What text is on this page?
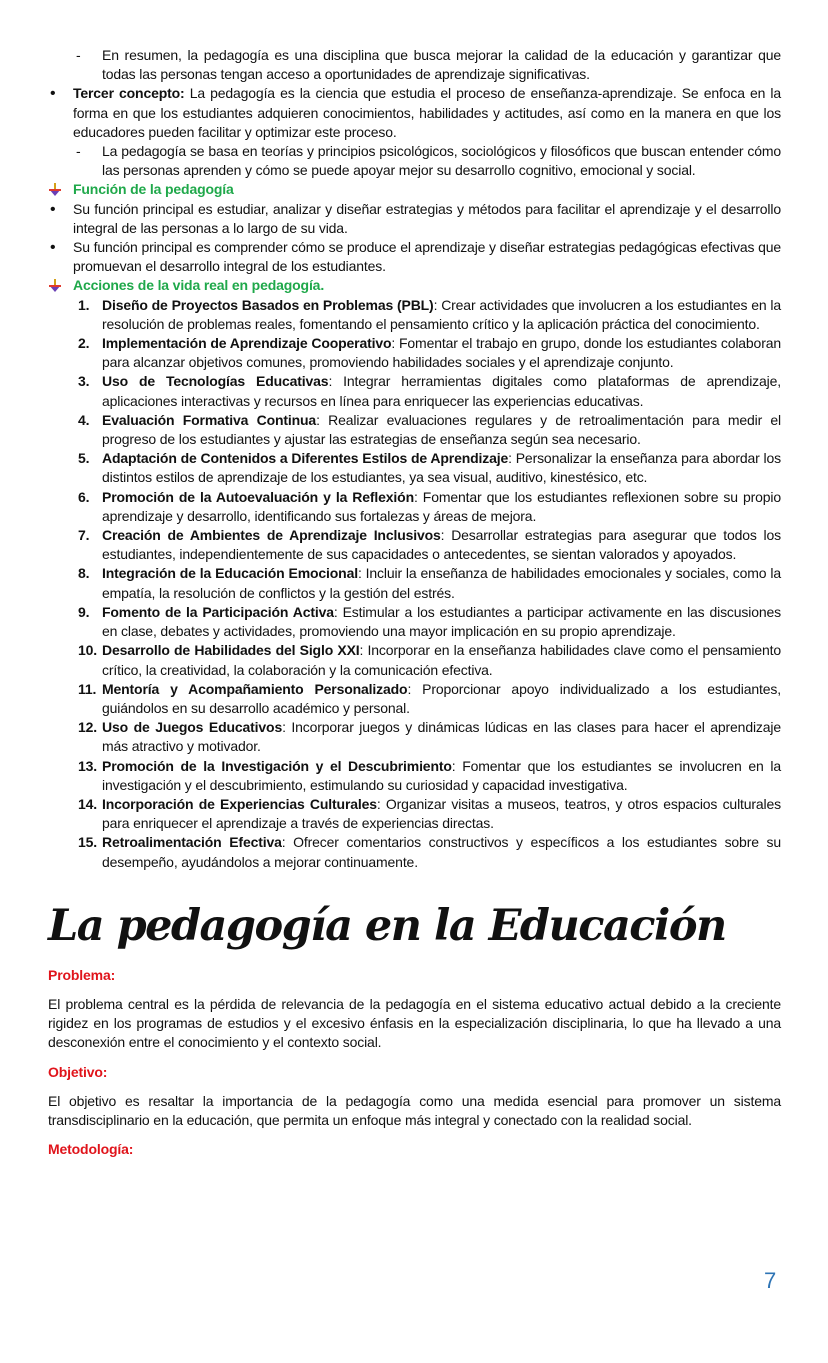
- En resumen, la pedagogía es una disciplina que busca mejorar la calidad de la educación y garantizar que todas las personas tengan acceso a oportunidades de aprendizaje significativas.
• Tercer concepto: La pedagogía es la ciencia que estudia el proceso de enseñanza-aprendizaje. Se enfoca en la forma en que los estudiantes adquieren conocimientos, habilidades y actitudes, así como en la manera en que los educadores pueden facilitar y optimizar este proceso.
- La pedagogía se basa en teorías y principios psicológicos, sociológicos y filosóficos que buscan entender cómo las personas aprenden y cómo se puede apoyar mejor su desarrollo cognitivo, emocional y social.
Función de la pedagogía
• Su función principal es estudiar, analizar y diseñar estrategias y métodos para facilitar el aprendizaje y el desarrollo integral de las personas a lo largo de su vida.
• Su función principal es comprender cómo se produce el aprendizaje y diseñar estrategias pedagógicas efectivas que promuevan el desarrollo integral de los estudiantes.
Acciones de la vida real en pedagogía.
1. Diseño de Proyectos Basados en Problemas (PBL): Crear actividades que involucren a los estudiantes en la resolución de problemas reales, fomentando el pensamiento crítico y la aplicación práctica del conocimiento.
2. Implementación de Aprendizaje Cooperativo: Fomentar el trabajo en grupo, donde los estudiantes colaboran para alcanzar objetivos comunes, promoviendo habilidades sociales y el aprendizaje conjunto.
3. Uso de Tecnologías Educativas: Integrar herramientas digitales como plataformas de aprendizaje, aplicaciones interactivas y recursos en línea para enriquecer las experiencias educativas.
4. Evaluación Formativa Continua: Realizar evaluaciones regulares y de retroalimentación para medir el progreso de los estudiantes y ajustar las estrategias de enseñanza según sea necesario.
5. Adaptación de Contenidos a Diferentes Estilos de Aprendizaje: Personalizar la enseñanza para abordar los distintos estilos de aprendizaje de los estudiantes, ya sea visual, auditivo, kinestésico, etc.
6. Promoción de la Autoevaluación y la Reflexión: Fomentar que los estudiantes reflexionen sobre su propio aprendizaje y desarrollo, identificando sus fortalezas y áreas de mejora.
7. Creación de Ambientes de Aprendizaje Inclusivos: Desarrollar estrategias para asegurar que todos los estudiantes, independientemente de sus capacidades o antecedentes, se sientan valorados y apoyados.
8. Integración de la Educación Emocional: Incluir la enseñanza de habilidades emocionales y sociales, como la empatía, la resolución de conflictos y la gestión del estrés.
9. Fomento de la Participación Activa: Estimular a los estudiantes a participar activamente en las discusiones en clase, debates y actividades, promoviendo una mayor implicación en su propio aprendizaje.
10. Desarrollo de Habilidades del Siglo XXI: Incorporar en la enseñanza habilidades clave como el pensamiento crítico, la creatividad, la colaboración y la comunicación efectiva.
11. Mentoría y Acompañamiento Personalizado: Proporcionar apoyo individualizado a los estudiantes, guiándolos en su desarrollo académico y personal.
12. Uso de Juegos Educativos: Incorporar juegos y dinámicas lúdicas en las clases para hacer el aprendizaje más atractivo y motivador.
13. Promoción de la Investigación y el Descubrimiento: Fomentar que los estudiantes se involucren en la investigación y el descubrimiento, estimulando su curiosidad y capacidad investigativa.
14. Incorporación de Experiencias Culturales: Organizar visitas a museos, teatros, y otros espacios culturales para enriquecer el aprendizaje a través de experiencias directas.
15. Retroalimentación Efectiva: Ofrecer comentarios constructivos y específicos a los estudiantes sobre su desempeño, ayudándolos a mejorar continuamente.
La pedagogía en la Educación
Problema:
El problema central es la pérdida de relevancia de la pedagogía en el sistema educativo actual debido a la creciente rigidez en los programas de estudios y el excesivo énfasis en la especialización disciplinaria, lo que ha llevado a una desconexión entre el conocimiento y el contexto social.
Objetivo:
El objetivo es resaltar la importancia de la pedagogía como una medida esencial para promover un sistema transdisciplinario en la educación, que permita un enfoque más integral y conectado con la realidad social.
Metodología:
7
